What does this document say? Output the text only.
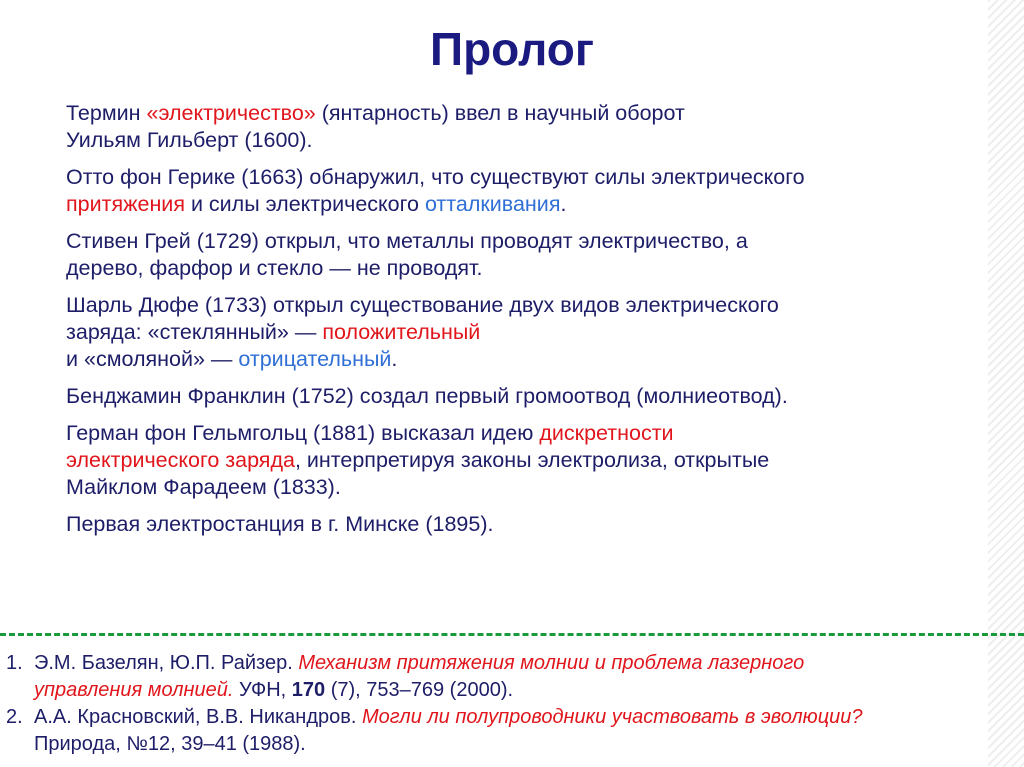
Пролог
Термин «электричество» (янтарность) ввел в научный оборот
Уильям Гильберт (1600).
Отто фон Герике (1663) обнаружил, что существуют силы электрического
притяжения и силы электрического отталкивания.
Стивен Грей (1729) открыл, что металлы проводят электричество, а
дерево, фарфор и стекло — не проводят.
Шарль Дюфе (1733) открыл существование двух видов электрического
заряда: «стеклянный» — положительный
и «смоляной» — отрицательный.
Бенджамин Франклин (1752) создал первый громоотвод (молниеотвод).
Герман фон Гельмгольц (1881) высказал идею дискретности
электрического заряда, интерпретируя законы электролиза, открытые
Майклом Фарадеем (1833).
Первая электростанция в г. Минске (1895).
1. Э.М. Базелян, Ю.П. Райзер. Механизм притяжения молнии и проблема лазерного
управления молнией. УФН, 170 (7), 753–769 (2000).
2. А.А. Красновский, В.В. Никандров. Могли ли полупроводники участвовать в эволюции?
Природа, №12, 39–41 (1988).
